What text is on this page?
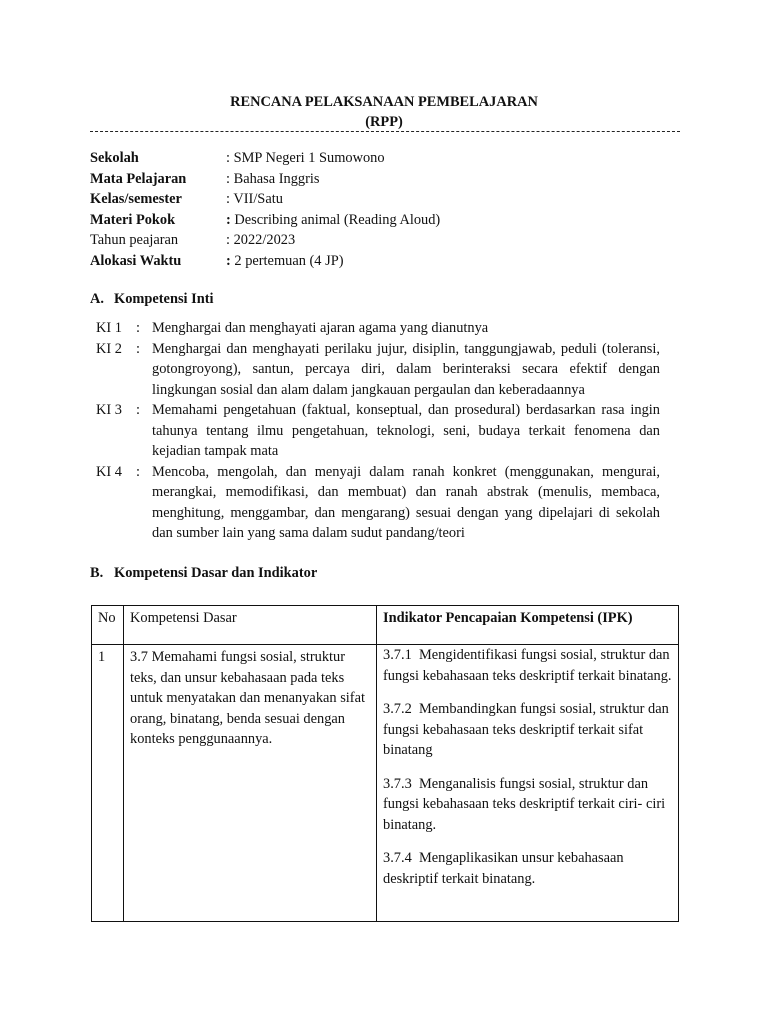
RENCANA PELAKSANAAN PEMBELAJARAN
(RPP)
Sekolah	: SMP Negeri 1 Sumowono
Mata Pelajaran	: Bahasa Inggris
Kelas/semester	: VII/Satu
Materi Pokok	: Describing animal (Reading Aloud)
Tahun peajaran	: 2022/2023
Alokasi Waktu	: 2 pertemuan (4 JP)
A. Kompetensi Inti
KI 1 : Menghargai dan menghayati ajaran agama yang dianutnya
KI 2 : Menghargai dan menghayati perilaku jujur, disiplin, tanggungjawab, peduli (toleransi, gotongroyong), santun, percaya diri, dalam berinteraksi secara efektif dengan lingkungan sosial dan alam dalam jangkauan pergaulan dan keberadaannya
KI 3 : Memahami pengetahuan (faktual, konseptual, dan prosedural) berdasarkan rasa ingin tahunya tentang ilmu pengetahuan, teknologi, seni, budaya terkait fenomena dan kejadian tampak mata
KI 4 : Mencoba, mengolah, dan menyaji dalam ranah konkret (menggunakan, mengurai, merangkai, memodifikasi, dan membuat) dan ranah abstrak (menulis, membaca, menghitung, menggambar, dan mengarang) sesuai dengan yang dipelajari di sekolah dan sumber lain yang sama dalam sudut pandang/teori
B. Kompetensi Dasar dan Indikator
No	Kompetensi Dasar	Indikator Pencapaian Kompetensi (IPK)
1	3.7 Memahami fungsi sosial, struktur teks, dan unsur kebahasaan pada teks untuk menyatakan dan menanyakan sifat orang, binatang, benda sesuai dengan konteks penggunaannya.	3.7.1 Mengidentifikasi fungsi sosial, struktur dan fungsi kebahasaan teks deskriptif terkait binatang.
3.7.2 Membandingkan fungsi sosial, struktur dan fungsi kebahasaan teks deskriptif terkait sifat binatang
3.7.3 Menganalisis fungsi sosial, struktur dan fungsi kebahasaan teks deskriptif terkait ciri- ciri binatang.
3.7.4 Mengaplikasikan unsur kebahasaan deskriptif terkait binatang.
